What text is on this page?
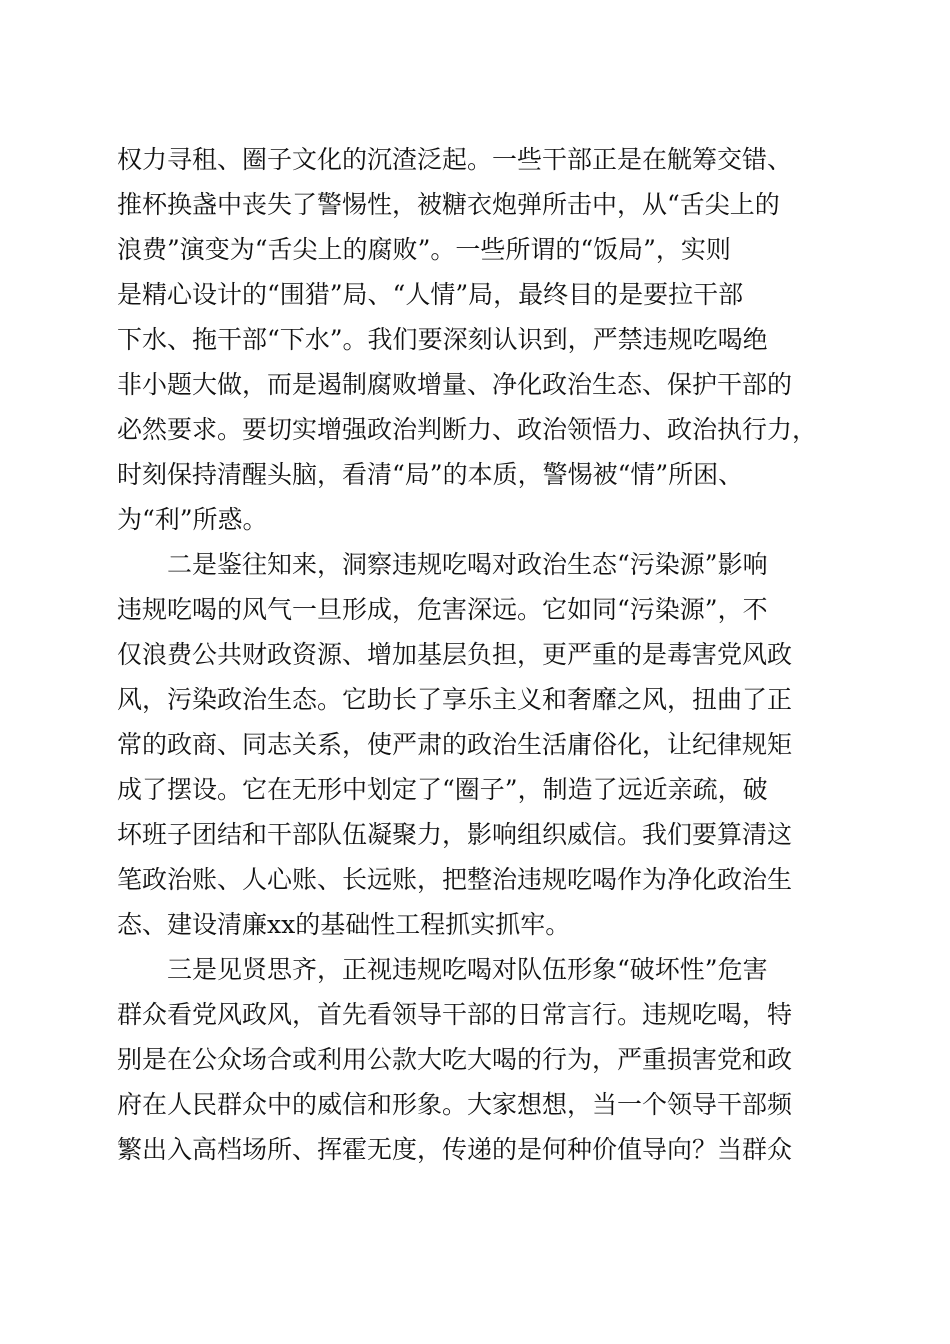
权力寻租、圈子文化的沉渣泛起。一些干部正是在觥筹交错、
推杯换盏中丧失了警惕性，被糖衣炮弹所击中，从“舌尖上的
浪费”演变为“舌尖上的腐败”。一些所谓的“饭局”，实则
是精心设计的“围猎”局、“人情”局，最终目的是要拉干部
下水、拖干部“下水”。我们要深刻认识到，严禁违规吃喝绝
非小题大做，而是遏制腐败增量、净化政治生态、保护干部的
必然要求。要切实增强政治判断力、政治领悟力、政治执行力，
时刻保持清醒头脑，看清“局”的本质，警惕被“情”所困、
为“利”所惑。
二是鉴往知来，洞察违规吃喝对政治生态“污染源”影响
违规吃喝的风气一旦形成，危害深远。它如同“污染源”，不
仅浪费公共财政资源、增加基层负担，更严重的是毒害党风政
风，污染政治生态。它助长了享乐主义和奢靡之风，扭曲了正
常的政商、同志关系，使严肃的政治生活庸俗化，让纪律规矩
成了摆设。它在无形中划定了“圈子”，制造了远近亲疏，破
坏班子团结和干部队伍凝聚力，影响组织威信。我们要算清这
笔政治账、人心账、长远账，把整治违规吃喝作为净化政治生
态、建设清廉xx的基础性工程抓实抓牢。
三是见贤思齐，正视违规吃喝对队伍形象“破坏性”危害
群众看党风政风，首先看领导干部的日常言行。违规吃喝，特
别是在公众场合或利用公款大吃大喝的行为，严重损害党和政
府在人民群众中的威信和形象。大家想想，当一个领导干部频
繁出入高档场所、挥霍无度，传递的是何种价值导向？当群众
